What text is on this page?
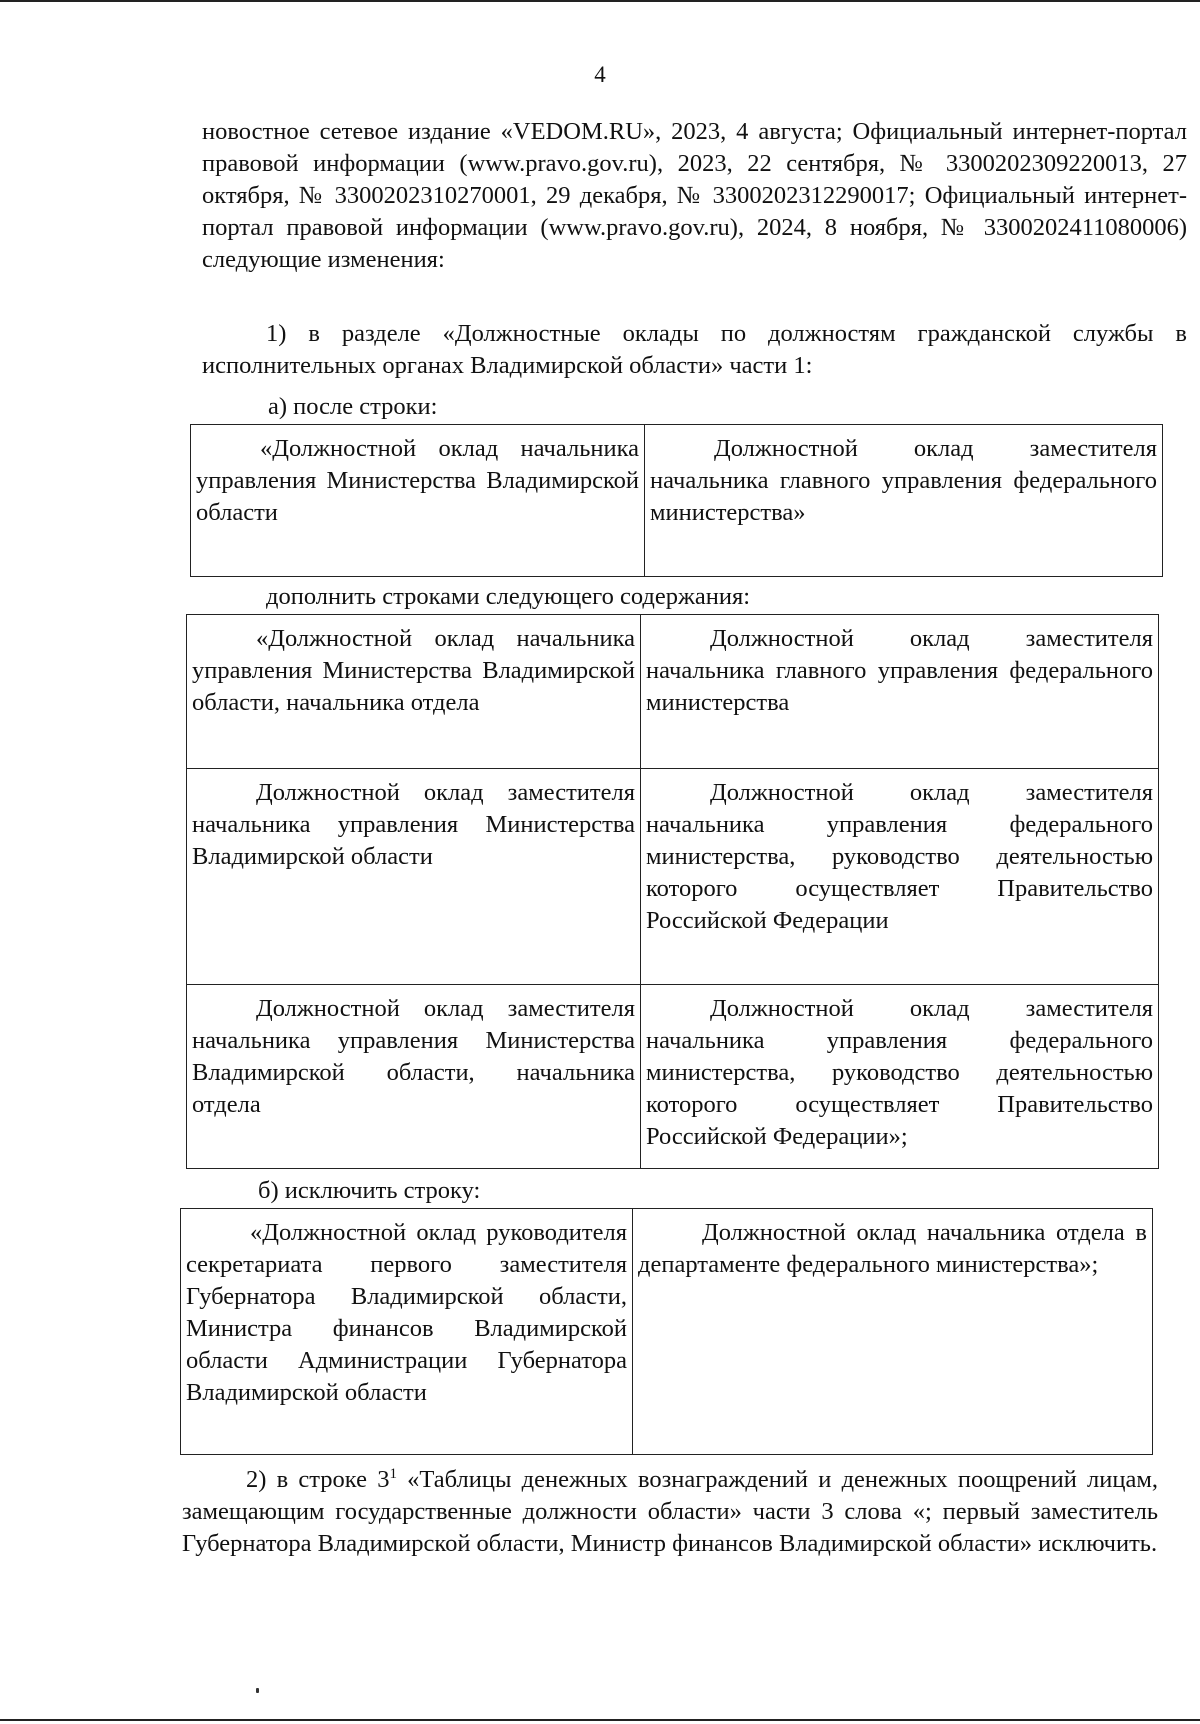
4
новостное сетевое издание «VEDOM.RU», 2023, 4 августа; Официальный интернет-портал правовой информации (www.pravo.gov.ru), 2023, 22 сентября, № 3300202309220013, 27 октября, № 3300202310270001, 29 декабря, № 3300202312290017; Официальный интернет-портал правовой информации (www.pravo.gov.ru), 2024, 8 ноября, № 3300202411080006) следующие изменения:
1) в разделе «Должностные оклады по должностям гражданской службы в исполнительных органах Владимирской области» части 1:
а) после строки:
«Должностной оклад начальника управления Министерства Владимирской области	Должностной оклад заместителя начальника главного управления федерального министерства»
дополнить строками следующего содержания:
«Должностной оклад начальника управления Министерства Владимирской области, начальника отдела	Должностной оклад заместителя начальника главного управления федерального министерства
Должностной оклад заместителя начальника управления Министерства Владимирской области	Должностной оклад заместителя начальника управления федерального министерства, руководство деятельностью которого осуществляет Правительство Российской Федерации
Должностной оклад заместителя начальника управления Министерства Владимирской области, начальника отдела	Должностной оклад заместителя начальника управления федерального министерства, руководство деятельностью которого осуществляет Правительство Российской Федерации»;
б) исключить строку:
«Должностной оклад руководителя секретариата первого заместителя Губернатора Владимирской области, Министра финансов Владимирской области Администрации Губернатора Владимирской области	Должностной оклад начальника отдела в департаменте федерального министерства»;
2) в строке $3^1$ «Таблицы денежных вознаграждений и денежных поощрений лицам, замещающим государственные должности области» части 3 слова «; первый заместитель Губернатора Владимирской области, Министр финансов Владимирской области» исключить.
